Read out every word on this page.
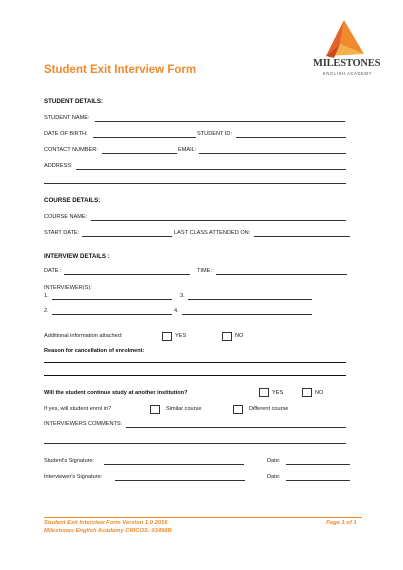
Student Exit Interview Form
MILESTONES
ENGLISH ACADEMY
STUDENT DETAILS:
STUDENT NAME:
DATE OF BIRTH:	STUDENT ID:
CONTACT NUMBER:	EMAIL:
ADDRESS:
COURSE DETAILS:
COURSE NAME:
START DATE:	LAST CLASS ATTENDED ON:
INTERVIEW DETAILS :
DATE :	TIME:
INTERVIEWER(S):
1.	3.
2.	4.
Additional information attached:	YES	NO
Reason for cancellation of enrolment:
Will the student continue study at another institution?	YES	NO
If yes, will student enrol in?	Similar course	Different course
INTERVIEWERS COMMENTS:
Student's Signature:	Date:
Interviewer's Signature:	Date:
Student Exit Interview Form Version 1.0 2016
Milestones English Academy CRICOS: 03498B
Page 1 of 1
